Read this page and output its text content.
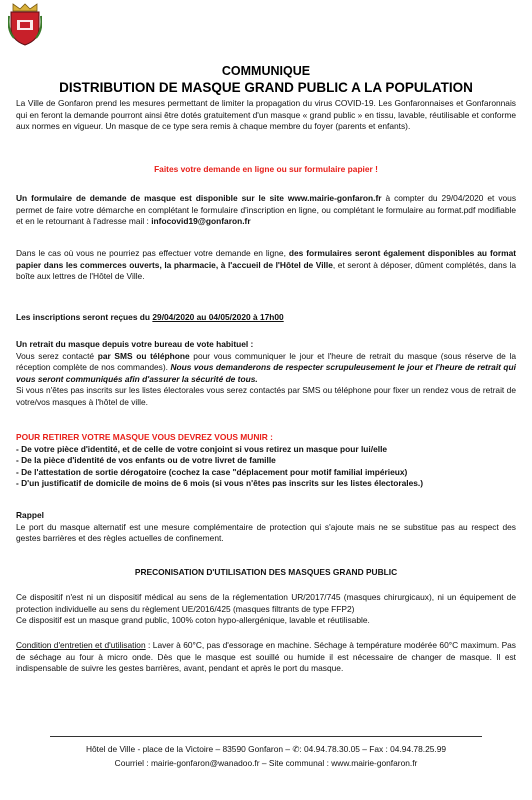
COMMUNIQUE
DISTRIBUTION DE MASQUE GRAND PUBLIC A LA POPULATION
La Ville de Gonfaron prend les mesures permettant de limiter la propagation du virus COVID-19. Les Gonfaronnaises et Gonfaronnais qui en feront la demande pourront ainsi être dotés gratuitement d'un masque « grand public » en tissu, lavable, réutilisable et conforme aux normes en vigueur. Un masque de ce type sera remis à chaque membre du foyer (parents et enfants).
Faites votre demande en ligne ou sur formulaire papier !
Un formulaire de demande de masque est disponible sur le site www.mairie-gonfaron.fr à compter du 29/04/2020 et vous permet de faire votre démarche en complétant le formulaire d'inscription en ligne, ou complétant le formulaire au format.pdf modifiable et en le retournant à l'adresse mail : infocovid19@gonfaron.fr
Dans le cas où vous ne pourriez pas effectuer votre demande en ligne, des formulaires seront également disponibles au format papier dans les commerces ouverts, la pharmacie, à l'accueil de l'Hôtel de Ville, et seront à déposer, dûment complétés, dans la boîte aux lettres de l'Hôtel de Ville.
Les inscriptions seront reçues du 29/04/2020 au 04/05/2020 à 17h00
Un retrait du masque depuis votre bureau de vote habituel :
Vous serez contacté par SMS ou téléphone pour vous communiquer le jour et l'heure de retrait du masque (sous réserve de la réception complète de nos commandes). Nous vous demanderons de respecter scrupuleusement le jour et l'heure de retrait qui vous seront communiqués afin d'assurer la sécurité de tous.
Si vous n'êtes pas inscrits sur les listes électorales vous serez contactés par SMS ou téléphone pour fixer un rendez vous de retrait de votre/vos masques à l'hôtel de ville.
POUR RETIRER VOTRE MASQUE VOUS DEVREZ VOUS MUNIR :
- De votre pièce d'identité, et de celle de votre conjoint si vous retirez un masque pour lui/elle
- De la pièce d'identité de vos enfants ou de votre livret de famille
- De l'attestation de sortie dérogatoire (cochez la case "déplacement pour motif familial impérieux)
- D'un justificatif de domicile de moins de 6 mois (si vous n'êtes pas inscrits sur les listes électorales.)
Rappel
Le port du masque alternatif est une mesure complémentaire de protection qui s'ajoute mais ne se substitue pas au respect des gestes barrières et des règles actuelles de confinement.
PRECONISATION D'UTILISATION DES MASQUES GRAND PUBLIC
Ce dispositif n'est ni un dispositif médical au sens de la réglementation UR/2017/745 (masques chirurgicaux), ni un équipement de protection individuelle au sens du règlement UE/2016/425 (masques filtrants de type FFP2)
Ce dispositif est un masque grand public, 100% coton hypo-allergénique, lavable et réutilisable.
Condition d'entretien et d'utilisation : Laver à 60°C, pas d'essorage en machine. Séchage à température modérée 60°C maximum. Pas de séchage au four à micro onde. Dès que le masque est souillé ou humide il est nécessaire de changer de masque. Il est indispensable de suivre les gestes barrières, avant, pendant et après le port du masque.
Hôtel de Ville - place de la Victoire – 83590 Gonfaron – ✆: 04.94.78.30.05 – Fax : 04.94.78.25.99
Courriel : mairie-gonfaron@wanadoo.fr – Site communal : www.mairie-gonfaron.fr
